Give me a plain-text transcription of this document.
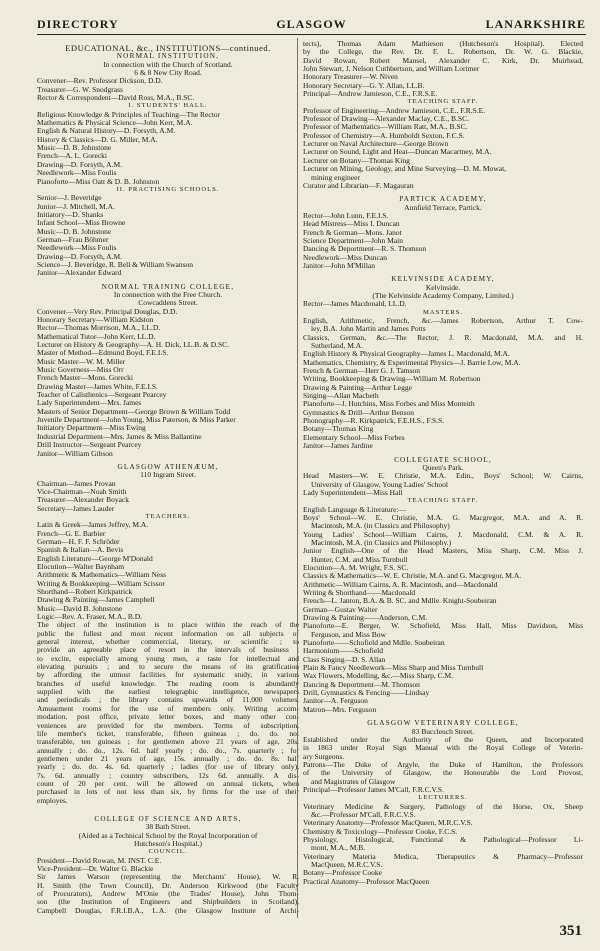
DIRECTORY	GLASGOW	LANARKSHIRE
EDUCATIONAL, &c., INSTITUTIONS—continued.
NORMAL INSTITUTION,
In connection with the Church of Scotland.
6 & 8 New City Road.
Convener—Rev. Professor Dickson, D.D.
Treasurer—G. W. Snodgrass
Rector & Correspondent—David Ross, M.A., B.SC.
I. STUDENTS' HALL.
Religious Knowledge & Principles of Teaching—The Rector
Mathematics & Physical Science—John Kerr, M.A.
English & Natural History—D. Forsyth, A.M.
History & Classics—D. G. Miller, M.A.
Music—D. B. Johnstone
French—A. L. Gorecki
Drawing—D. Forsyth, A.M.
Needlework—Miss Foulis
Pianoforte—Miss Oatt & D. B. Johnston
II. PRACTISING SCHOOLS.
Senior—J. Beveridge
Junior—J. Mitchell, M.A.
Initiatory—D. Shanks
Infant School—Miss Browne
Music—D. B. Johnstone
German—Frau Böhmer
Needlework—Miss Foulis
Drawing—D. Forsyth, A.M.
Science—J. Beveridge, R. Bell & William Swanson
Janitor—Alexander Edward
NORMAL TRAINING COLLEGE,
In connection with the Free Church.
Cowcaddens Street.
Convener—Very Rev. Principal Douglas, D.D.
Honorary Secretary—William Kidston
Rector—Thomas Morrison, M.A., LL.D.
Mathematical Tutor—John Kerr, LL.D.
Lecturer on History & Geography—A. H. Dick, LL.B. & D.SC.
Master of Method—Edmund Boyd, F.E.I.S.
Music Master—W. M. Miller
Music Governess—Miss Orr
French Master—Mons. Gorecki
Drawing Master—James White, F.E.I.S.
Teacher of Calisthenics—Sergeant Pearcey
Lady Superintendent—Mrs. James
Masters of Senior Department—George Brown & William Todd
Juvenile Department—John Young, Miss Paterson, & Miss Parker
Initiatory Department—Miss Ewing
Industrial Department—Mrs. James & Miss Ballantine
Drill Instructor—Sergeant Pearcey
Janitor—William Gibson
GLASGOW ATHENÆUM,
110 Ingram Street.
Chairman—James Provan
Vice-Chairman—Noah Smith
Treasurer—Alexander Boyack
Secretary—James Lauder
TEACHERS.
Latin & Greek—James Jeffrey, M.A.
French—G. E. Barbier
German—H. F. F. Schröder
Spanish & Italian—A. Bevis
English Literature—George M'Donald
Elocution—Walter Baynham
Arithmetic & Mathematics—William Ness
Writing & Bookkeeping—William Scissor
Shorthand—Robert Kirkpatrick
Drawing & Painting—James Campbell
Music—David B. Johnstone
Logic—Rev. A. Fraser, M.A., B.D.
The object of the institution is to place within the reach of the
public the fullest and most recent information on all subjects of
general interest, whether commercial, literary, or scientific ; to
provide an agreeable place of resort in the intervals of business ;
to excite, especially among young men, a taste for intellectual and
elevating pursuits ; and to secure the means of its gratification
by affording the utmost facilities for systematic study, in various
branches of useful knowledge. The reading room is abundantly
supplied with the earliest telegraphic intelligence, newspapers
and periodicals ; the library contains upwards of 11,000 volumes.
Amusement rooms for the use of members only. Writing accom-
modation, post office, private letter boxes, and many other con-
veniences are provided for the members. Terms of subscription,
life member's ticket, transferable, fifteen guineas ; do. do. not
transferable, ten guineas ; for gentlemen above 21 years of age, 20s.
annually ; do. do., 12s. 6d. half yearly ; do. do., 7s. quarterly ; for
gentlemen under 21 years of age, 15s. annually ; do. do. 8s. half
yearly ; do. do. 4s. 6d. quarterly ; ladies (for use of library only),
7s. 6d. annually ; country subscribers, 12s 6d. annually. A dis-
count of 20 per cent. will be allowed on annual tickets, when
purchased in lots of not less than six, by firms for the use of their
employes.
COLLEGE OF SCIENCE AND ARTS,
38 Bath Street.
(Aided as a Technical School by the Royal Incorporation of
Hutcheson's Hospital.)
COUNCIL.
President—David Rowan, M. INST. C.E.
Vice-President—Dr. Walter G. Blackie
Sir James Watson (representing the Merchants' House), W. R.
H. Smith (the Town Council), Dr. Anderson Kirkwood (the Faculty
of Procurators), Andrew M'Onie (the Trades' House), John Thom-
son (the Institution of Engineers and Shipbuilders in Scotland),
Campbell Douglas, F.R.I.B.A., L.A. (the Glasgow Institute of Archi-
tects), Thomas Adam Mathieson (Hutcheson's Hospital). Elected
by the College, the Rev. Dr. F. L. Robertson, Dr. W. G. Blackie,
David Rowan, Robert Mansel, Alexander C. Kirk, Dr. Muirhead,
John Stewart, J. Nelson Cuthbertson, and William Lorimer
Honorary Treasurer—W. Niven
Honorary Secretary—G. Y. Allan, LL.B.
Principal—Andrew Jamieson, C.E., F.R.S.E.
TEACHING STAFF.
Professor of Engineering—Andrew Jamieson, C.E., F.R.S.E.
Professor of Drawing—Alexander Maclay, C.E., B.SC.
Professor of Mathematics—William Ratt, M.A., B.SC.
Professor of Chemistry—A. Humboldt Sexton, F.C.S.
Lecturer on Naval Architecture—George Brown
Lecturer on Sound, Light and Heat—Duncan Macartney, M.A.
Lecturer on Botany—Thomas King
Lecturer on Mining, Geology, and Mine Surveying—D. M. Mowat,
mining engineer
Curator and Librarian—F. Magauran
PARTICK ACADEMY,
Annfield Terrace, Partick.
Rector—John Lunn, F.E.I.S.
Head Mistress—Miss I. Duncan
French & German—Mons. Janot
Science Department—John Main
Dancing & Deportment—R. S. Thomson
Needlework—Miss Duncan
Janitor—John M'Millan
KELVINSIDE ACADEMY,
Kelvinside.
(The Kelvinside Academy Company, Limited.)
Rector—James Macdonald, LL.D.
MASTERS.
English, Arithmetic, French, &c.—James Robertson, Arthur T. Cow-
ley, B.A. John Martin and James Potts
Classics, German, &c.—The Rector, J. R. Macdonald, M.A. and H.
Sutherland, M.A.
English History & Physical Geography—James L. Macdonald, M.A.
Mathematics, Chemistry, & Experimental Physics—J. Barrie Low, M.A.
French & German—Herr G. J. Tamson
Writing, Bookkeeping & Drawing—William M. Robertson
Drawing & Painting—Arthur Legge
Singing—Allan Macbeth
Pianoforte—J. Hutchins, Miss Forbes and Miss Monteith
Gymnastics & Drill—Arthur Benson
Phonography—R. Kirkpatrick, F.E.H.S., F.S.S.
Botany—Thomas King
Elementary School—Miss Forbes
Janitor—James Jardine
COLLEGIATE SCHOOL,
Queen's Park.
Head Masters—W. E. Christie, M.A. Edin., Boys' School; W. Cairns,
University of Glasgow, Young Ladies' School
Lady Superintendent—Miss Hall
TEACHING STAFF.
English Language & Literature:—
Boys' School—W. E. Christie, M.A. G. Macgregor, M.A. and A. R.
Macintosh, M.A. (in Classics and Philosophy)
Young Ladies' School—William Cairns, J. Macdonald, C.M. & A. R.
Macintosh, M.A. (in Classics and Philosophy.)
Junior English—One of the Head Masters, Miss Sharp, C.M. Miss J.
Hunter, C.M. and Miss Turnbull
Elocution—A. M. Wright, F.S. SC.
Classics & Mathematics—W. E. Christie, M.A. and G. Macgregor, M.A.
Arithmetic—William Cairns, A. R. Macintosh, and—Macdonald
Writing & Shorthand——Macdonald
French—L. Janton, B.A. & B. SC. and Mdlle. Knight-Soubeiran
German—Gustav Walter
Drawing & Painting——Anderson, C.M.
Pianoforte—E. Berger, W. Schofield, Miss Hall, Miss Davidson, Miss
Ferguson, and Miss Bow
Pianoforte——Schofield and Mdlle. Soubeiran
Harmonium——Schofield
Class Singing—D. S. Allan
Plain & Fancy Needlework—Miss Sharp and Miss Turnbull
Wax Flowers, Modelling, &c.—Miss Sharp, C.M.
Dancing & Deportment—M. Thomson
Drill, Gymnastics & Fencing——Lindsay
Janitor—A. Ferguson
Matron—Mrs. Ferguson
GLASGOW VETERINARY COLLEGE,
83 Buccleuch Street.
Established under the Authority of the Queen, and Incorporated
in 1863 under Royal Sign Manual with the Royal College of Veterin-
ary Surgeons.
Patrons—The Duke of Argyle, the Duke of Hamilton, the Professors
of the University of Glasgow, the Honourable the Lord Provost,
and Magistrates of Glasgow
Principal—Professor James M'Call, F.R.C.V.S.
LECTURERS.
Veterinary Medicine & Surgery, Pathology of the Horse, Ox, Sheep
&c.—Professor M'Call, F.R.C.V.S.
Veterinary Anatomy—Professor MacQueen, M.R.C.V.S.
Chemistry & Toxicology—Professor Cooke, F.C.S.
Physiology, Histological, Functional & Pathological—Professor Li-
mont, M.A., M.B.
Veterinary Materia Medica, Therapeutics & Pharmacy—Professor
MacQueen, M.R.C.V.S.
Botany—Professor Cooke
Practical Anatomy—Professor MacQueen
351
